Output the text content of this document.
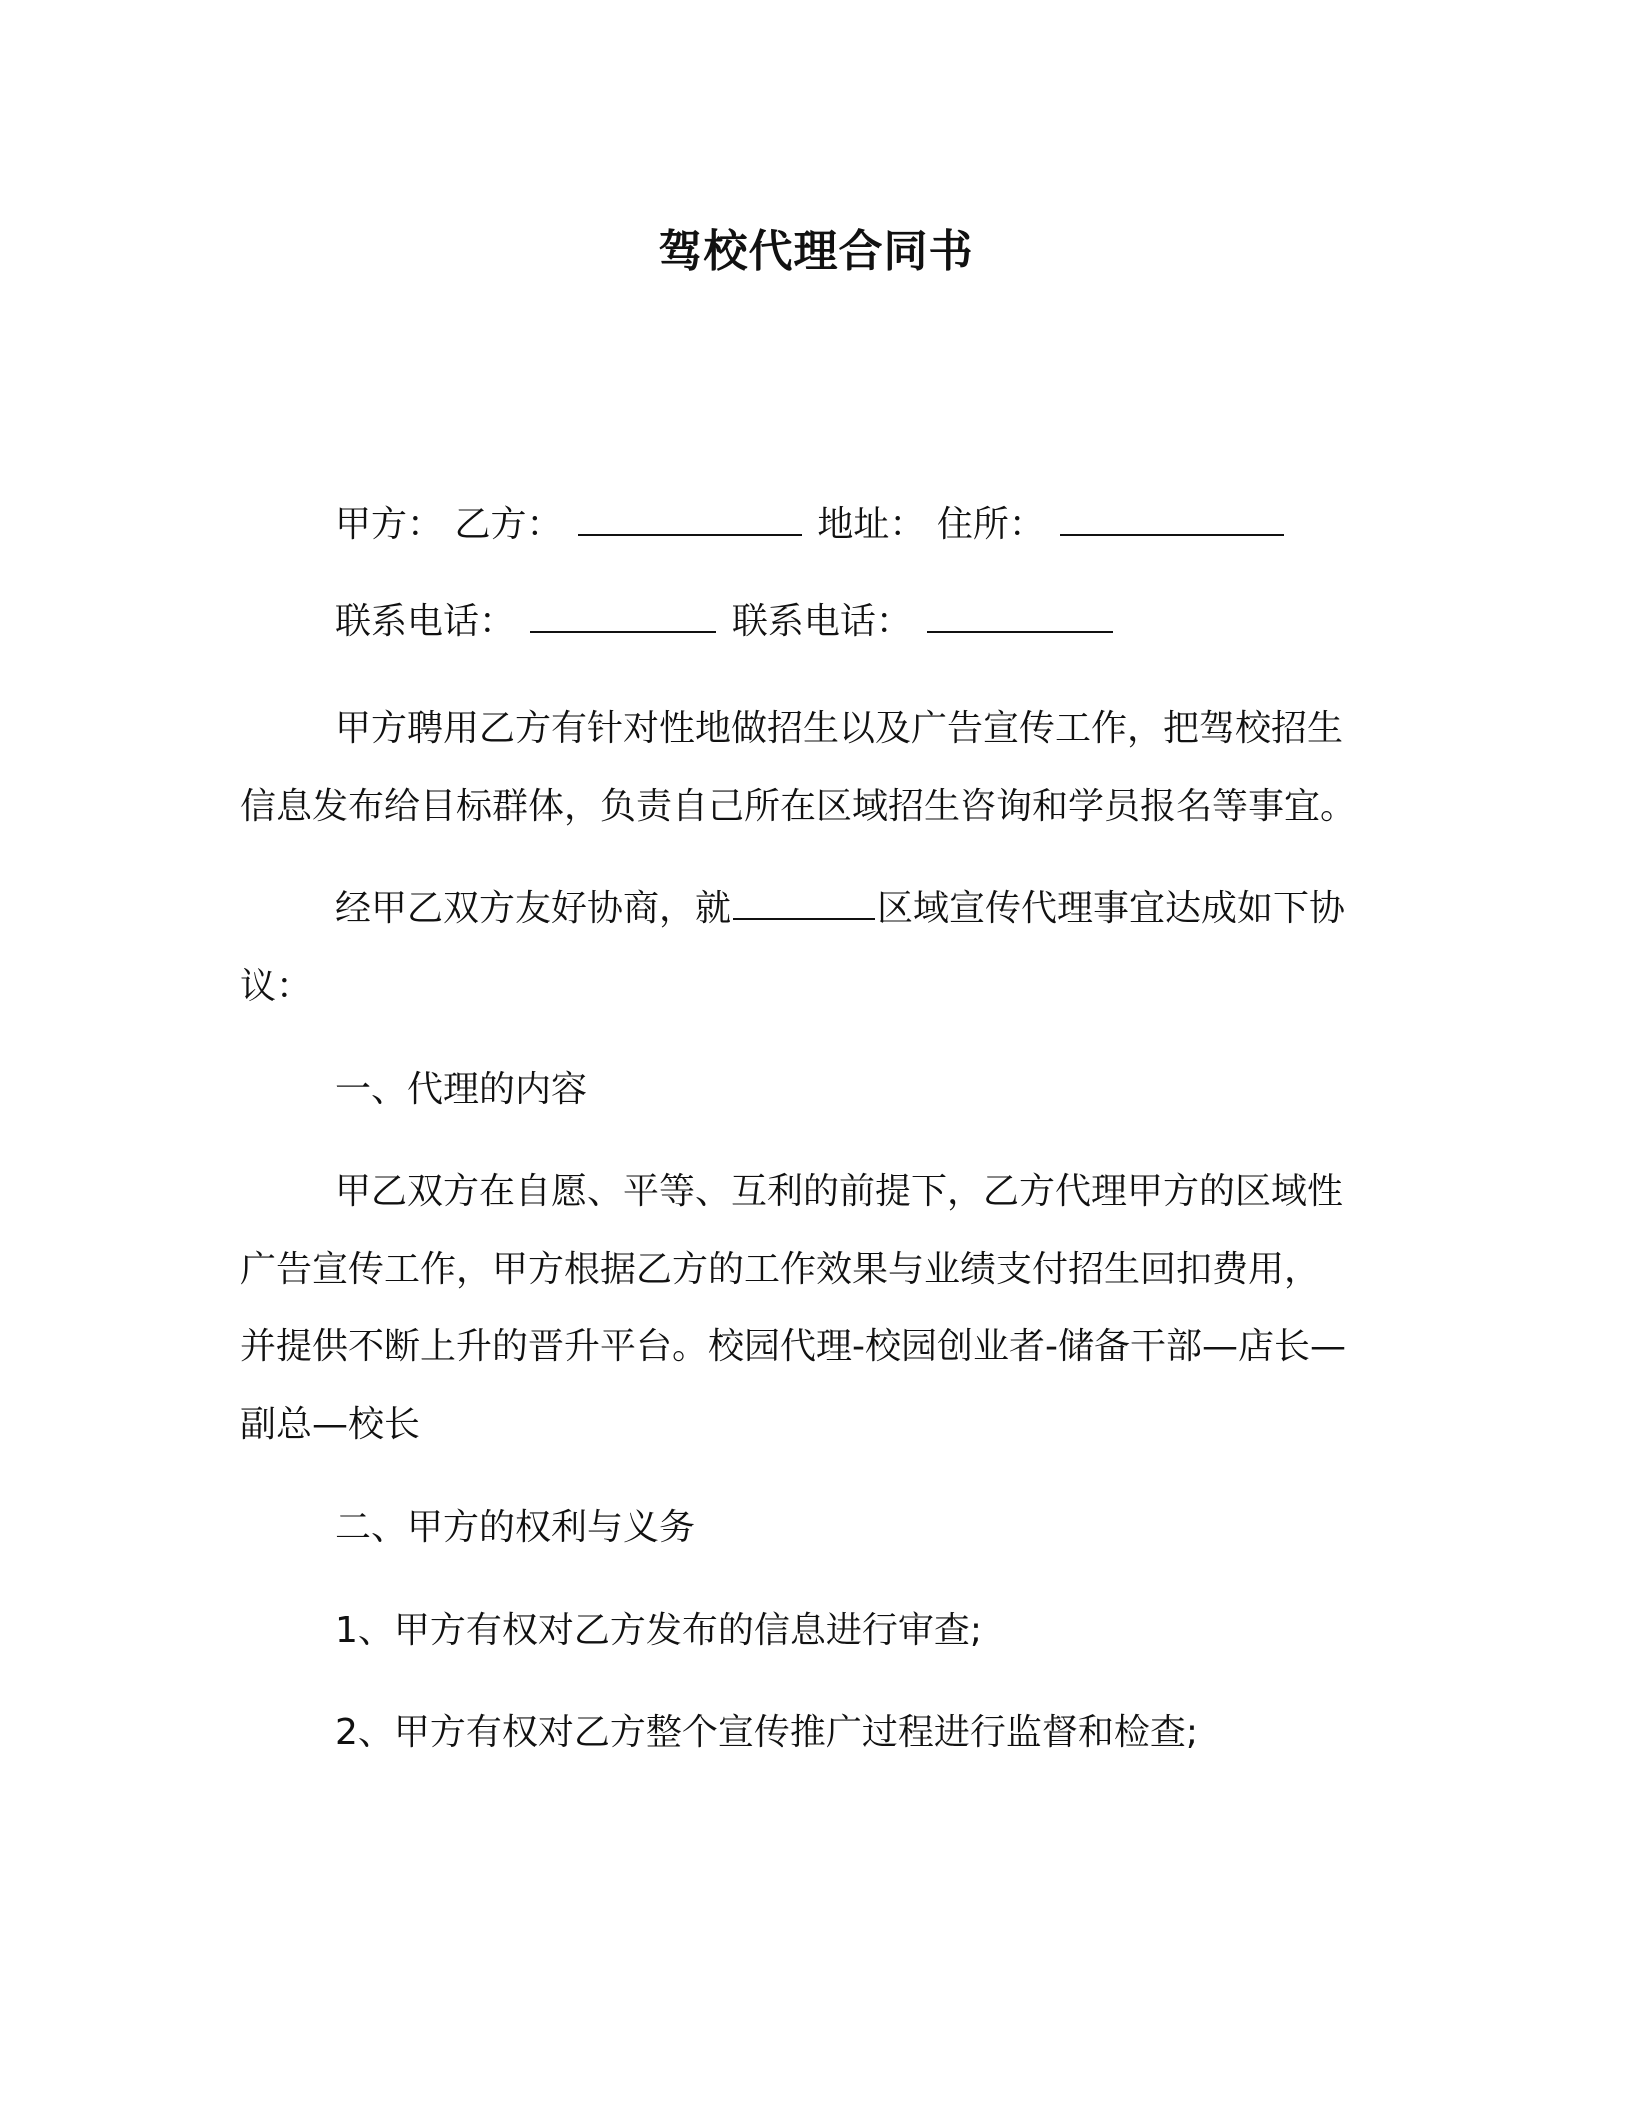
驾校代理合同书
甲方： 乙方：	地址： 住所：
联系电话：	联系电话：
甲方聘用乙方有针对性地做招生以及广告宣传工作，把驾校招生
信息发布给目标群体，负责自己所在区域招生咨询和学员报名等事宜。
经甲乙双方友好协商，就	区域宣传代理事宜达成如下协
议：
一、代理的内容
甲乙双方在自愿、平等、互利的前提下，乙方代理甲方的区域性
广告宣传工作，甲方根据乙方的工作效果与业绩支付招生回扣费用，
并提供不断上升的晋升平台。校园代理-校园创业者-储备干部—店长—
副总—校长
二、甲方的权利与义务
1、甲方有权对乙方发布的信息进行审查;
2、甲方有权对乙方整个宣传推广过程进行监督和检查;
